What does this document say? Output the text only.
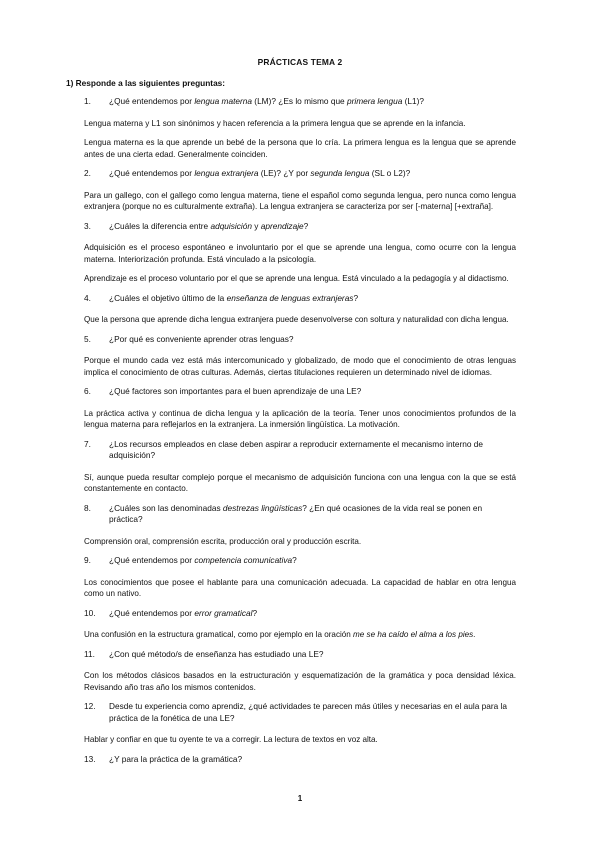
PRÁCTICAS TEMA 2
1) Responde a las siguientes preguntas:
1. ¿Qué entendemos por lengua materna (LM)? ¿Es lo mismo que primera lengua (L1)?
Lengua materna y L1 son sinónimos y hacen referencia a la primera lengua que se aprende en la infancia.
Lengua materna es la que aprende un bebé de la persona que lo cría. La primera lengua es la lengua que se aprende antes de una cierta edad. Generalmente coinciden.
2. ¿Qué entendemos por lengua extranjera (LE)? ¿Y por segunda lengua (SL o L2)?
Para un gallego, con el gallego como lengua materna, tiene el español como segunda lengua, pero nunca como lengua extranjera (porque no es culturalmente extraña). La lengua extranjera se caracteriza por ser [-materna] [+extraña].
3. ¿Cuáles la diferencia entre adquisición y aprendizaje?
Adquisición es el proceso espontáneo e involuntario por el que se aprende una lengua, como ocurre con la lengua materna. Interiorización profunda. Está vinculado a la psicología.
Aprendizaje es el proceso voluntario por el que se aprende una lengua. Está vinculado a la pedagogía y al didactismo.
4. ¿Cuáles el objetivo último de la enseñanza de lenguas extranjeras?
Que la persona que aprende dicha lengua extranjera puede desenvolverse con soltura y naturalidad con dicha lengua.
5. ¿Por qué es conveniente aprender otras lenguas?
Porque el mundo cada vez está más intercomunicado y globalizado, de modo que el conocimiento de otras lenguas implica el conocimiento de otras culturas. Además, ciertas titulaciones requieren un determinado nivel de idiomas.
6. ¿Qué factores son importantes para el buen aprendizaje de una LE?
La práctica activa y continua de dicha lengua y la aplicación de la teoría. Tener unos conocimientos profundos de la lengua materna para reflejarlos en la extranjera. La inmersión lingüística. La motivación.
7. ¿Los recursos empleados en clase deben aspirar a reproducir externamente el mecanismo interno de adquisición?
Sí, aunque pueda resultar complejo porque el mecanismo de adquisición funciona con una lengua con la que se está constantemente en contacto.
8. ¿Cuáles son las denominadas destrezas lingüísticas? ¿En qué ocasiones de la vida real se ponen en práctica?
Comprensión oral, comprensión escrita, producción oral y producción escrita.
9. ¿Qué entendemos por competencia comunicativa?
Los conocimientos que posee el hablante para una comunicación adecuada. La capacidad de hablar en otra lengua como un nativo.
10. ¿Qué entendemos por error gramatical?
Una confusión en la estructura gramatical, como por ejemplo en la oración me se ha caído el alma a los pies.
11. ¿Con qué método/s de enseñanza has estudiado una LE?
Con los métodos clásicos basados en la estructuración y esquematización de la gramática y poca densidad léxica. Revisando año tras año los mismos contenidos.
12. Desde tu experiencia como aprendiz, ¿qué actividades te parecen más útiles y necesarias en el aula para la práctica de la fonética de una LE?
Hablar y confiar en que tu oyente te va a corregir. La lectura de textos en voz alta.
13. ¿Y para la práctica de la gramática?
1
